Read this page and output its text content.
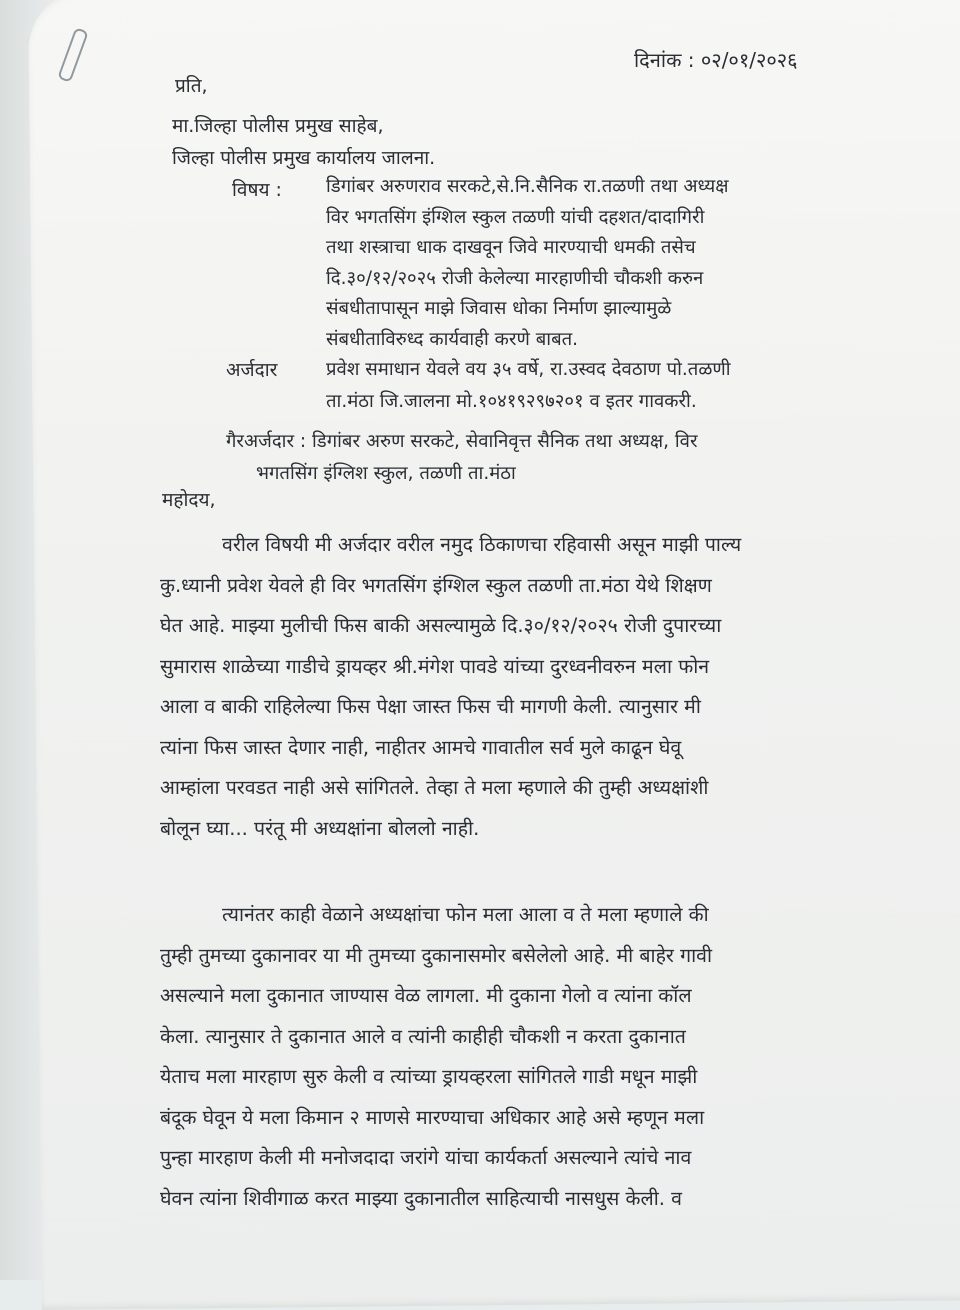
दिनांक : ०२/०१/२०२६
प्रति,
मा.जिल्हा पोलीस प्रमुख साहेब,
जिल्हा पोलीस प्रमुख कार्यालय जालना.
विषय : डिगांबर अरुणराव सरकटे,से.नि.सैनिक रा.तळणी तथा अध्यक्ष
विर भगतसिंग इंग्शिल स्कुल तळणी यांची दहशत/दादागिरी
तथा शस्त्राचा धाक दाखवून जिवे मारण्याची धमकी तसेच
दि.३०/१२/२०२५ रोजी केलेल्या मारहाणीची चौकशी करुन
संबधीतापासून माझे जिवास धोका निर्माण झाल्यामुळे
संबधीताविरुध्द कार्यवाही करणे बाबत.
अर्जदार	प्रवेश समाधान येवले वय ३५ वर्षे, रा.उस्वद देवठाण पो.तळणी
ता.मंठा जि.जालना मो.१०४१९२९७२०१ व इतर गावकरी.
गैरअर्जदार : डिगांबर अरुण सरकटे, सेवानिवृत्त सैनिक तथा अध्यक्ष, विर
भगतसिंग इंग्लिश स्कुल, तळणी ता.मंठा
महोदय,
वरील विषयी मी अर्जदार वरील नमुद ठिकाणचा रहिवासी असून माझी पाल्य
कु.ध्यानी प्रवेश येवले ही विर भगतसिंग इंग्शिल स्कुल तळणी ता.मंठा येथे शिक्षण
घेत आहे. माझ्या मुलीची फिस बाकी असल्यामुळे दि.३०/१२/२०२५ रोजी दुपारच्या
सुमारास शाळेच्या गाडीचे ड्रायव्हर श्री.मंगेश पावडे यांच्या दुरध्वनीवरुन मला फोन
आला व बाकी राहिलेल्या फिस पेक्षा जास्त फिस ची मागणी केली. त्यानुसार मी
त्यांना फिस जास्त देणार नाही, नाहीतर आमचे गावातील सर्व मुले काढून घेवू
आम्हांला परवडत नाही असे सांगितले. तेव्हा ते मला म्हणाले की तुम्ही अध्यक्षांशी
बोलून घ्या... परंतू मी अध्यक्षांना बोललो नाही.
त्यानंतर काही वेळाने अध्यक्षांचा फोन मला आला व ते मला म्हणाले की
तुम्ही तुमच्या दुकानावर या मी तुमच्या दुकानासमोर बसेलेलो आहे. मी बाहेर गावी
असल्याने मला दुकानात जाण्यास वेळ लागला. मी दुकाना गेलो व त्यांना कॉल
केला. त्यानुसार ते दुकानात आले व त्यांनी काहीही चौकशी न करता दुकानात
येताच मला मारहाण सुरु केली व त्यांच्या ड्रायव्हरला सांगितले गाडी मधून माझी
बंदूक घेवून ये मला किमान २ माणसे मारण्याचा अधिकार आहे असे म्हणून मला
पुन्हा मारहाण केली मी मनोजदादा जरांगे यांचा कार्यकर्ता असल्याने त्यांचे नाव
घेवन त्यांना शिवीगाळ करत माझ्या दुकानातील साहित्याची नासधुस केली. व
